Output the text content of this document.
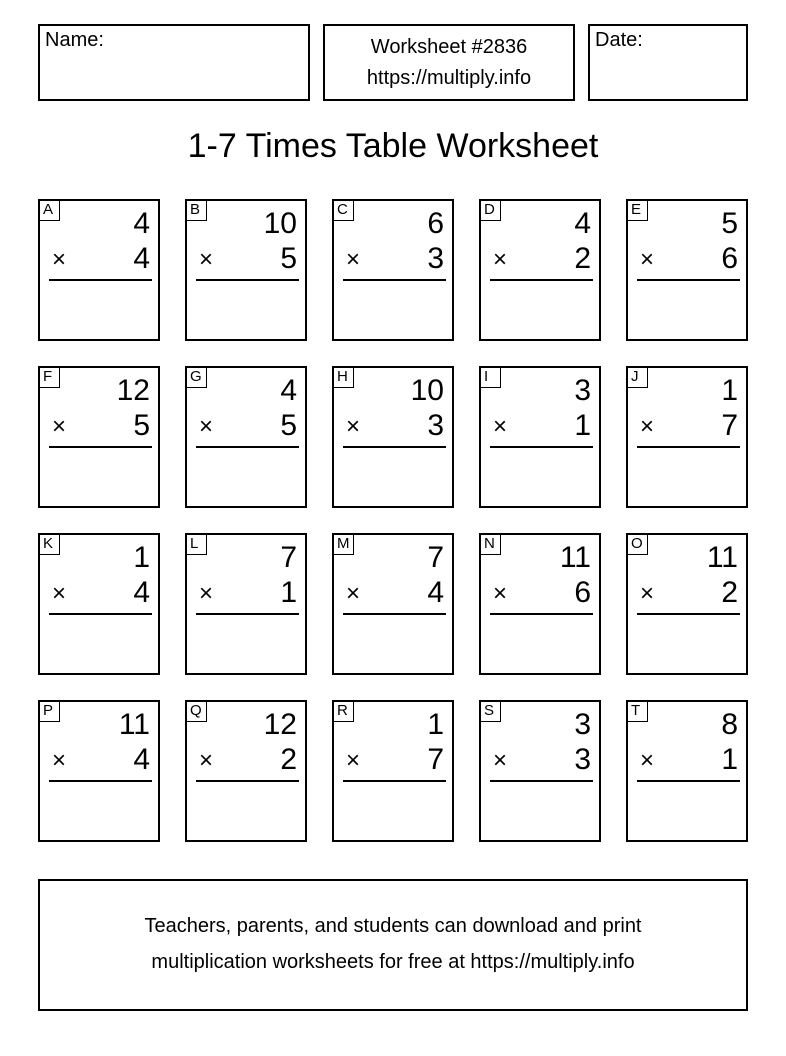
Name:	Worksheet #2836
https://multiply.info
Date:
1-7 Times Table Worksheet
A	4
× 4
B 10
× 5
C	6
× 3
D	4
× 2
E	5
× 6
F 12
× 5
G	4
× 5
H 10
× 3
I	3
× 1
J	1
× 7
K	1
× 4
L	7
× 1
M	7
× 4
N 11
× 6
O 11
× 2
P 11
× 4
Q 12
× 2
R	1
× 7
S	3
× 3
T	8
× 1
Teachers, parents, and students can download and print
multiplication worksheets for free at https://multiply.info
